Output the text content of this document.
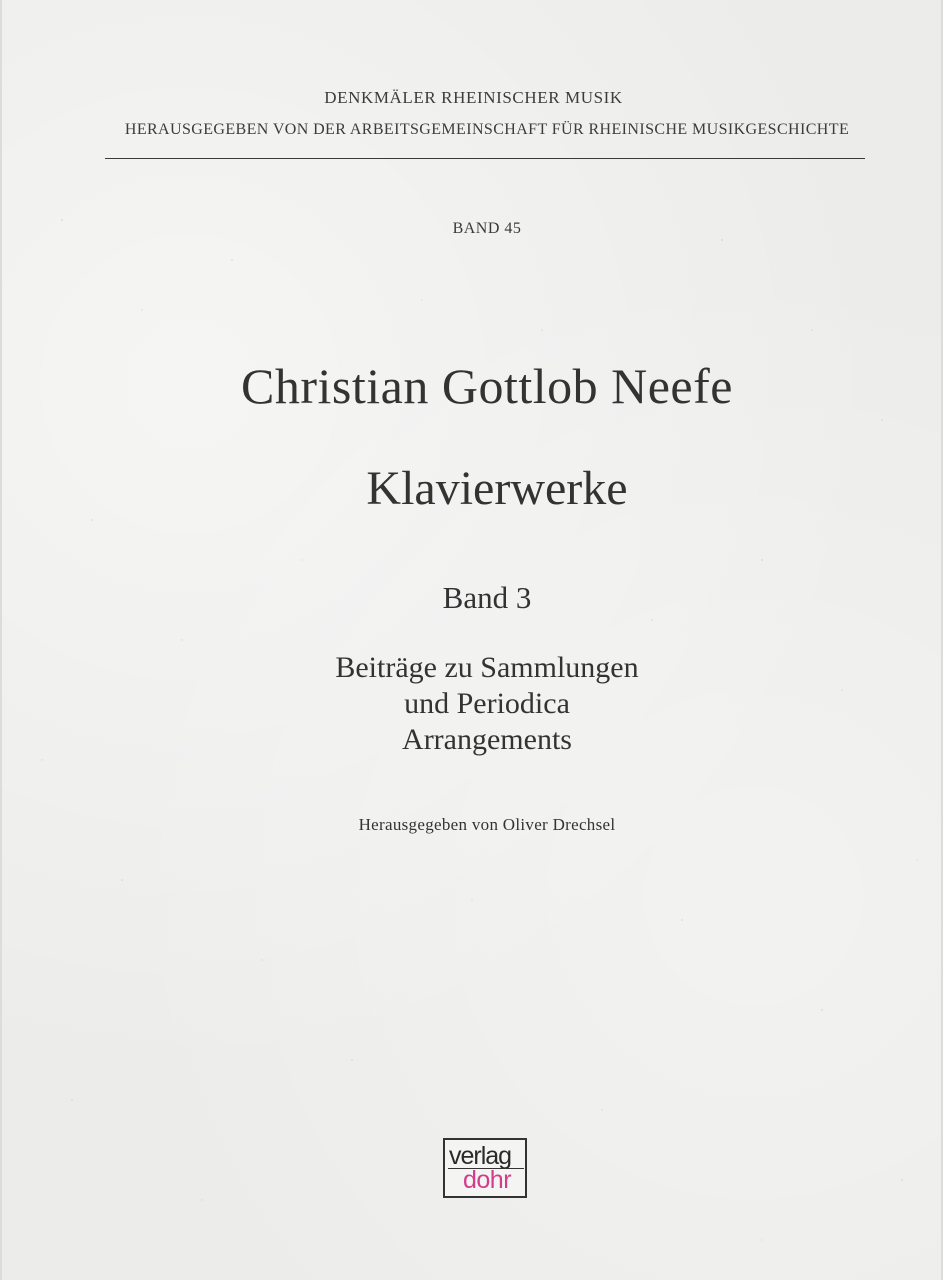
DENKMÄLER RHEINISCHER MUSIK
HERAUSGEGEBEN VON DER ARBEITSGEMEINSCHAFT FÜR RHEINISCHE MUSIKGESCHICHTE
BAND 45
Christian Gottlob Neefe
Klavierwerke
Band 3
Beiträge zu Sammlungen
und Periodica
Arrangements
Herausgegeben von Oliver Drechsel
verlag
dohr
